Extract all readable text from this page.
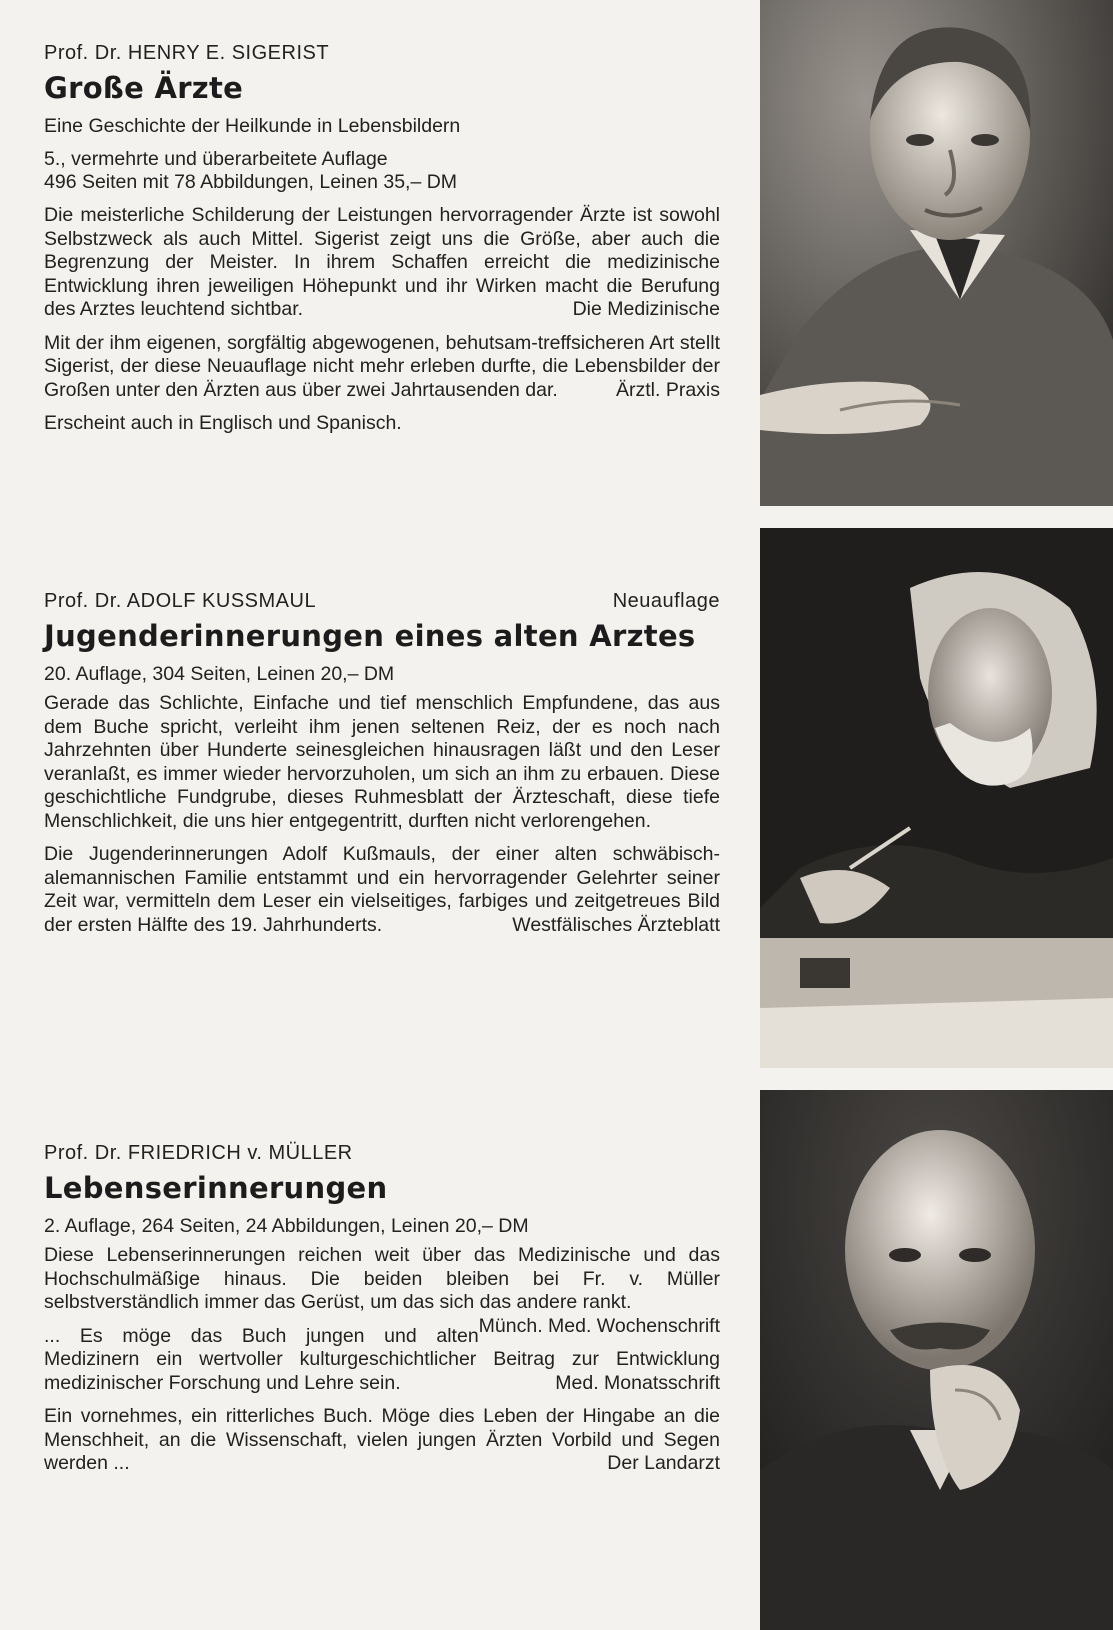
Prof. Dr. HENRY E. SIGERIST
Große Ärzte

Eine Geschichte der Heilkunde in Lebensbildern

5., vermehrte und überarbeitete Auflage

496 Seiten mit 78 Abbildungen, Leinen 35,– DM

Die meisterliche Schilderung der Leistungen hervorragender Ärzte ist sowohl Selbstzweck als auch Mittel. Sigerist zeigt uns die Größe, aber auch die Begrenzung der Meister. In ihrem Schaffen erreicht die medizinische Entwicklung ihren jeweiligen Höhepunkt und ihr Wirken macht die Berufung des Arztes leuchtend sichtbar.	Die Medizinische

Mit der ihm eigenen, sorgfältig abgewogenen, behutsam-treffsicheren Art stellt Sigerist, der diese Neuauflage nicht mehr erleben durfte, die Lebensbilder der Großen unter den Ärzten aus über zwei Jahrtausenden dar.	Ärztl. Praxis

Erscheint auch in Englisch und Spanisch.

Prof. Dr. ADOLF KUSSMAUL	Neuauflage
Jugenderinnerungen eines alten Arztes

20. Auflage, 304 Seiten, Leinen 20,– DM

Gerade das Schlichte, Einfache und tief menschlich Empfundene, das aus dem Buche spricht, verleiht ihm jenen seltenen Reiz, der es noch nach Jahrzehnten über Hunderte seinesgleichen hinausragen läßt und den Leser veranlaßt, es immer wieder hervorzuholen, um sich an ihm zu erbauen. Diese geschichtliche Fundgrube, dieses Ruhmesblatt der Ärzteschaft, diese tiefe Menschlichkeit, die uns hier entgegentritt, durften nicht verlorengehen.

Die Jugenderinnerungen Adolf Kußmauls, der einer alten schwäbisch-alemannischen Familie entstammt und ein hervorragender Gelehrter seiner Zeit war, vermitteln dem Leser ein vielseitiges, farbiges und zeitgetreues Bild der ersten Hälfte des 19. Jahrhunderts.	Westfälisches Ärzteblatt

Prof. Dr. FRIEDRICH v. MÜLLER
Lebenserinnerungen

2. Auflage, 264 Seiten, 24 Abbildungen, Leinen 20,– DM

Diese Lebenserinnerungen reichen weit über das Medizinische und das Hochschulmäßige hinaus. Die beiden bleiben bei Fr. v. Müller selbstverständlich immer das Gerüst, um das sich das andere rankt.
Münch. Med. Wochenschrift

... Es möge das Buch jungen und alten Medizinern ein wertvoller kulturgeschichtlicher Beitrag zur Entwicklung medizinischer Forschung und Lehre sein.	Med. Monatsschrift

Ein vornehmes, ein ritterliches Buch. Möge dies Leben der Hingabe an die Menschheit, an die Wissenschaft, vielen jungen Ärzten Vorbild und Segen werden ...	Der Landarzt
